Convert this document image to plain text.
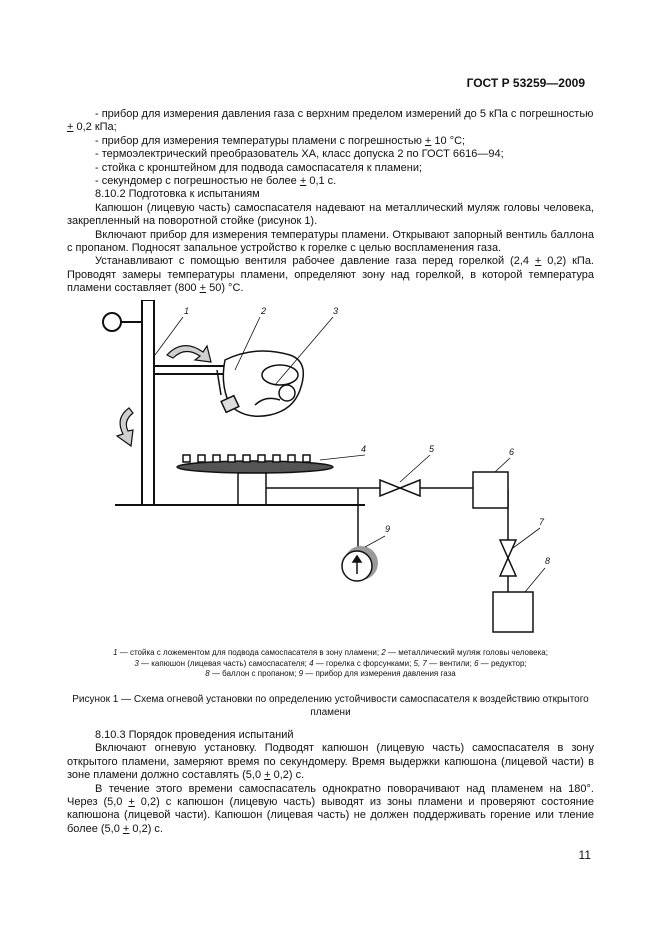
ГОСТ Р 53259—2009

- прибор для измерения давления газа с верхним пределом измерений до 5 кПа с погрешностью
+ 0,2 кПа;

- прибор для измерения температуры пламени с погрешностью + 10 °С;

- термоэлектрический преобразователь ХА, класс допуска 2 по ГОСТ 6616—94;

- стойка с кронштейном для подвода самоспасателя к пламени;

- секундомер с погрешностью не более + 0,1 с.

8.10.2 Подготовка к испытаниям

Капюшон (лицевую часть) самоспасателя надевают на металлический муляж головы человека, закрепленный на поворотной стойке (рисунок 1).

Включают прибор для измерения температуры пламени. Открывают запорный вентиль баллона с пропаном. Подносят запальное устройство к горелке с целью воспламенения газа.

Устанавливают с помощью вентиля рабочее давление газа перед горелкой (2,4 + 0,2) кПа. Проводят замеры температуры пламени, определяют зону над горелкой, в которой температура пламени составляет (800 + 50) °С.

1	2	3
4	5	6
7
8
9
1 — стойка с ложементом для подвода самоспасателя в зону пламени; 2 — металлический муляж головы человека;
3 — капюшон (лицевая часть) самоспасателя; 4 — горелка с форсунками; 5, 7 — вентили; 6 — редуктор;
8 — баллон с пропаном; 9 — прибор для измерения давления газа
Рисунок 1 — Схема огневой установки по определению устойчивости самоспасателя к воздействию открытого пламени

8.10.3 Порядок проведения испытаний

Включают огневую установку. Подводят капюшон (лицевую часть) самоспасателя в зону открытого пламени, замеряют время по секундомеру. Время выдержки капюшона (лицевой части) в зоне пламени должно составлять (5,0 + 0,2) с.

В течение этого времени самоспасатель однократно поворачивают над пламенем на 180°. Через (5,0 + 0,2) с капюшон (лицевую часть) выводят из зоны пламени и проверяют состояние капюшона (лицевой части). Капюшон (лицевая часть) не должен поддерживать горение или тление более (5,0 + 0,2) с.

11
